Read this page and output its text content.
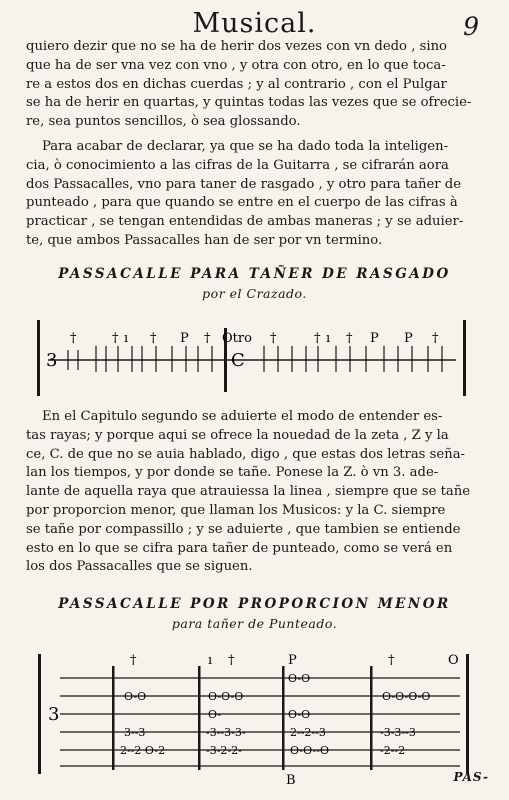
Musical.	9
quiero dezir que no se ha de herir dos vezes con vn dedo , sino
que ha de ser vna vez con vno , y otra con otro, en lo que toca-
re a estos dos en dichas cuerdas ; y al contrario , con el Pulgar
se ha de herir en quartas, y quintas todas las vezes que se ofrecie-
re, sea puntos sencillos, ò sea glossando.
Para acabar de declarar, ya que se ha dado toda la inteligen-
cia, ò conocimiento a las cifras de la Guitarra , se cifrarán aora
dos Passacalles, vno para taner de rasgado , y otro para tañer de
punteado , para que quando se entre en el cuerpo de las cifras à
practicar , se tengan entendidas de ambas maneras ; y se aduier-
te, que ambos Passacalles han de ser por vn termino.
PASSACALLE PARA TAÑER DE RASGADO
por el Crazado.
3	C
†	† ı † P † Otro †	† ı † P P †
En el Capitulo segundo se aduierte el modo de entender es-
tas rayas; y porque aqui se ofrece la nouedad de la zeta , Z y la
ce, C. de que no se auia hablado, digo , que estas dos letras seña-
lan los tiempos, y por donde se tañe. Ponese la Z. ò vn 3. ade-
lante de aquella raya que atrauiessa la linea , siempre que se tañe
por proporcion menor, que llaman los Musicos: y la C. siempre
se tañe por compassillo ; y se aduierte , que tambien se entiende
esto en lo que se cifra para tañer de punteado, como se verá en
los dos Passacalles que se siguen.
PASSACALLE POR PROPORCION MENOR
para tañer de Punteado.
3
†	ı †	P	†	O
O-O
O-O	O-O-O-O
O-O-O
O-O
O-
3--3	-3--3-3-	2--2--3	-3-3--3
2--2 O-2	-3-2-2-	O-O--O	-2--2
B	PAS-
